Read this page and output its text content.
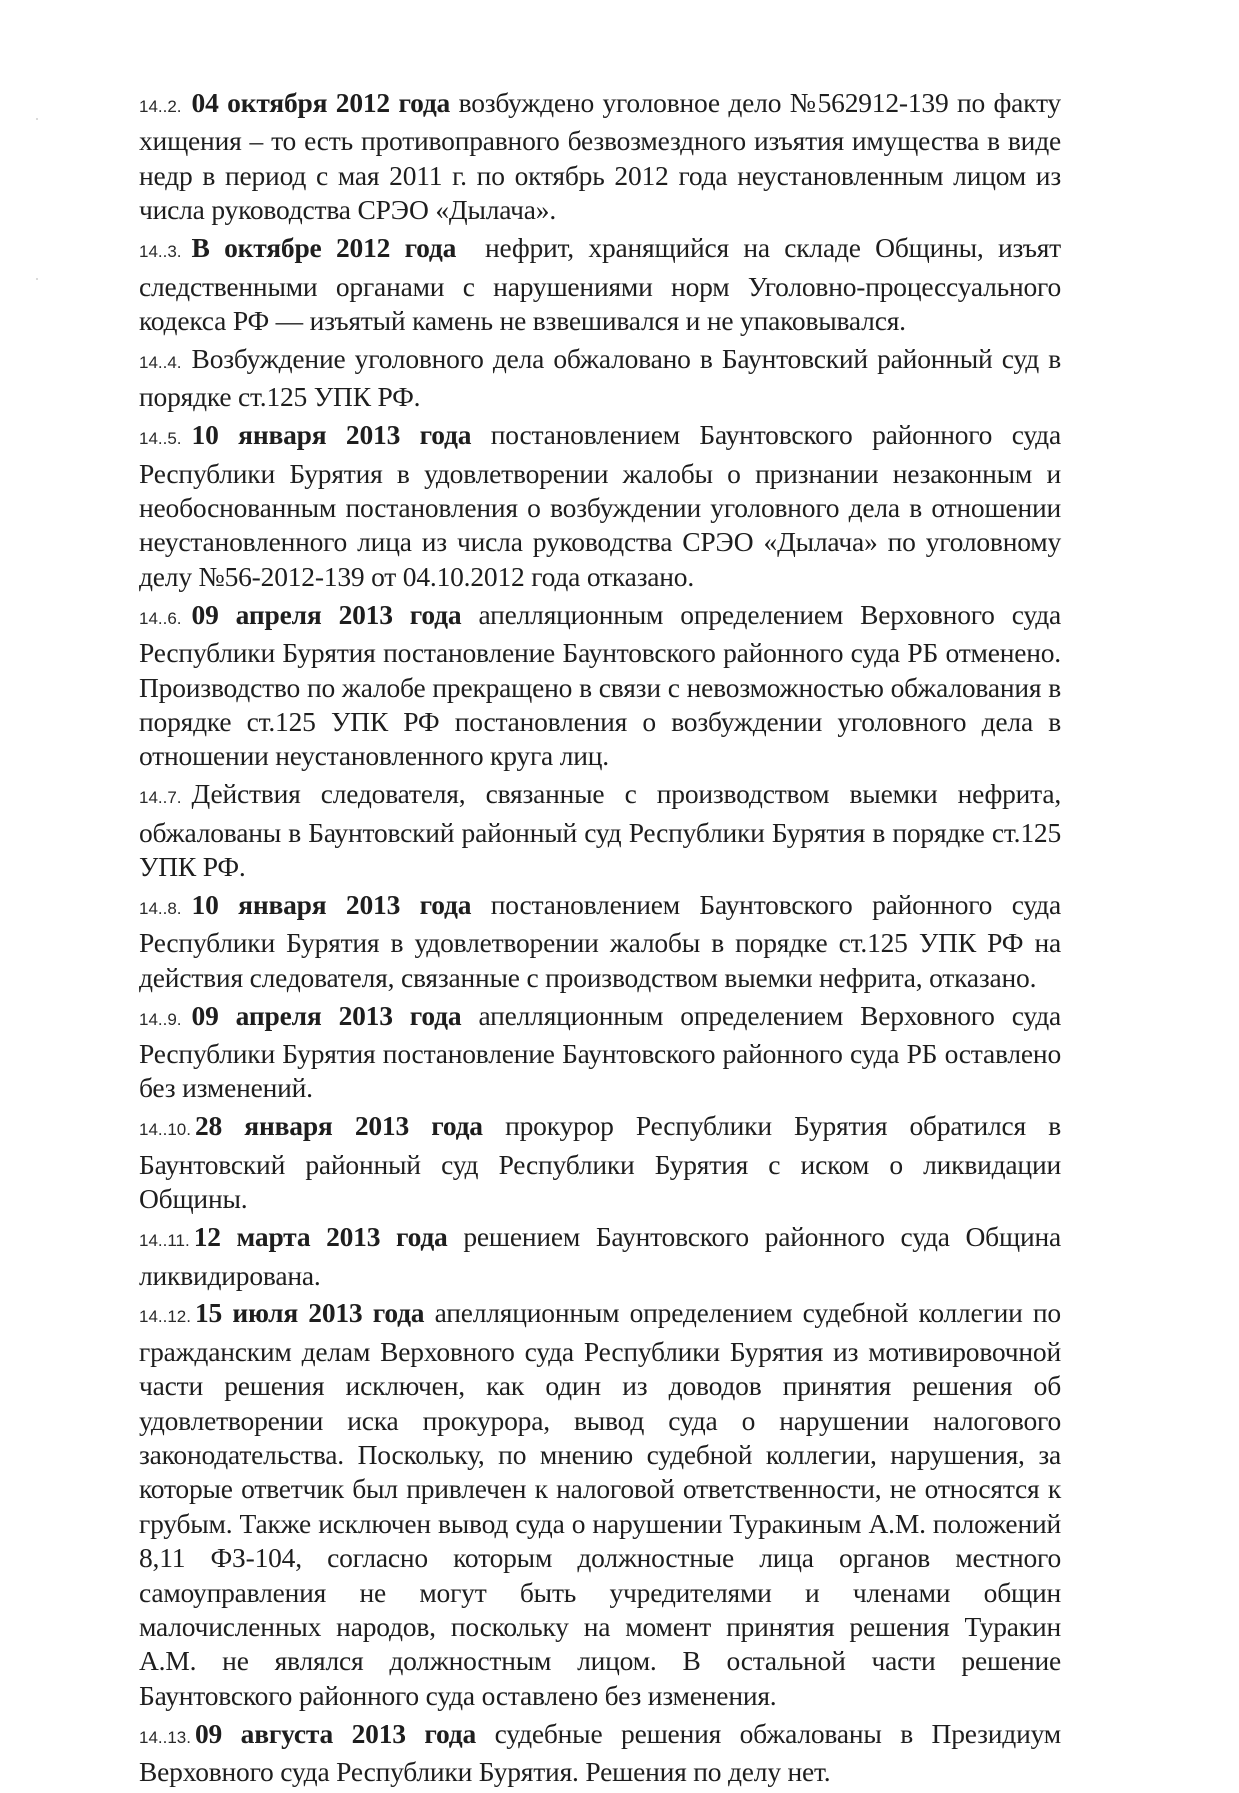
14..2. 04 октября 2012 года возбуждено уголовное дело №562912-139 по факту хищения – то есть противоправного безвозмездного изъятия имущества в виде недр в период с мая 2011 г. по октябрь 2012 года неустановленным лицом из числа руководства СРЭО «Дылача».

14..3. В октябре 2012 года нефрит, хранящийся на складе Общины, изъят следственными органами с нарушениями норм Уголовно-процессуального кодекса РФ — изъятый камень не взвешивался и не упаковывался.

14..4. Возбуждение уголовного дела обжаловано в Баунтовский районный суд в порядке ст.125 УПК РФ.

14..5. 10 января 2013 года постановлением Баунтовского районного суда Республики Бурятия в удовлетворении жалобы о признании незаконным и необоснованным постановления о возбуждении уголовного дела в отношении неустановленного лица из числа руководства СРЭО «Дылача» по уголовному делу №56-2012-139 от 04.10.2012 года отказано.

14..6. 09 апреля 2013 года апелляционным определением Верховного суда Республики Бурятия постановление Баунтовского районного суда РБ отменено. Производство по жалобе прекращено в связи с невозможностью обжалования в порядке ст.125 УПК РФ постановления о возбуждении уголовного дела в отношении неустановленного круга лиц.

14..7. Действия следователя, связанные с производством выемки нефрита, обжалованы в Баунтовский районный суд Республики Бурятия в порядке ст.125 УПК РФ.

14..8. 10 января 2013 года постановлением Баунтовского районного суда Республики Бурятия в удовлетворении жалобы в порядке ст.125 УПК РФ на действия следователя, связанные с производством выемки нефрита, отказано.

14..9. 09 апреля 2013 года апелляционным определением Верховного суда Республики Бурятия постановление Баунтовского районного суда РБ оставлено без изменений.

14..10. 28 января 2013 года прокурор Республики Бурятия обратился в Баунтовский районный суд Республики Бурятия с иском о ликвидации Общины.

14..11. 12 марта 2013 года решением Баунтовского районного суда Община ликвидирована.

14..12. 15 июля 2013 года апелляционным определением судебной коллегии по гражданским делам Верховного суда Республики Бурятия из мотивировочной части решения исключен, как один из доводов принятия решения об удовлетворении иска прокурора, вывод суда о нарушении налогового законодательства. Поскольку, по мнению судебной коллегии, нарушения, за которые ответчик был привлечен к налоговой ответственности, не относятся к грубым. Также исключен вывод суда о нарушении Туракиным А.М. положений 8,11 ФЗ-104, согласно которым должностные лица органов местного самоуправления не могут быть учредителями и членами общин малочисленных народов, поскольку на момент принятия решения Туракин А.М. не являлся должностным лицом. В остальной части решение Баунтовского районного суда оставлено без изменения.

14..13. 09 августа 2013 года судебные решения обжалованы в Президиум Верховного суда Республики Бурятия. Решения по делу нет.
